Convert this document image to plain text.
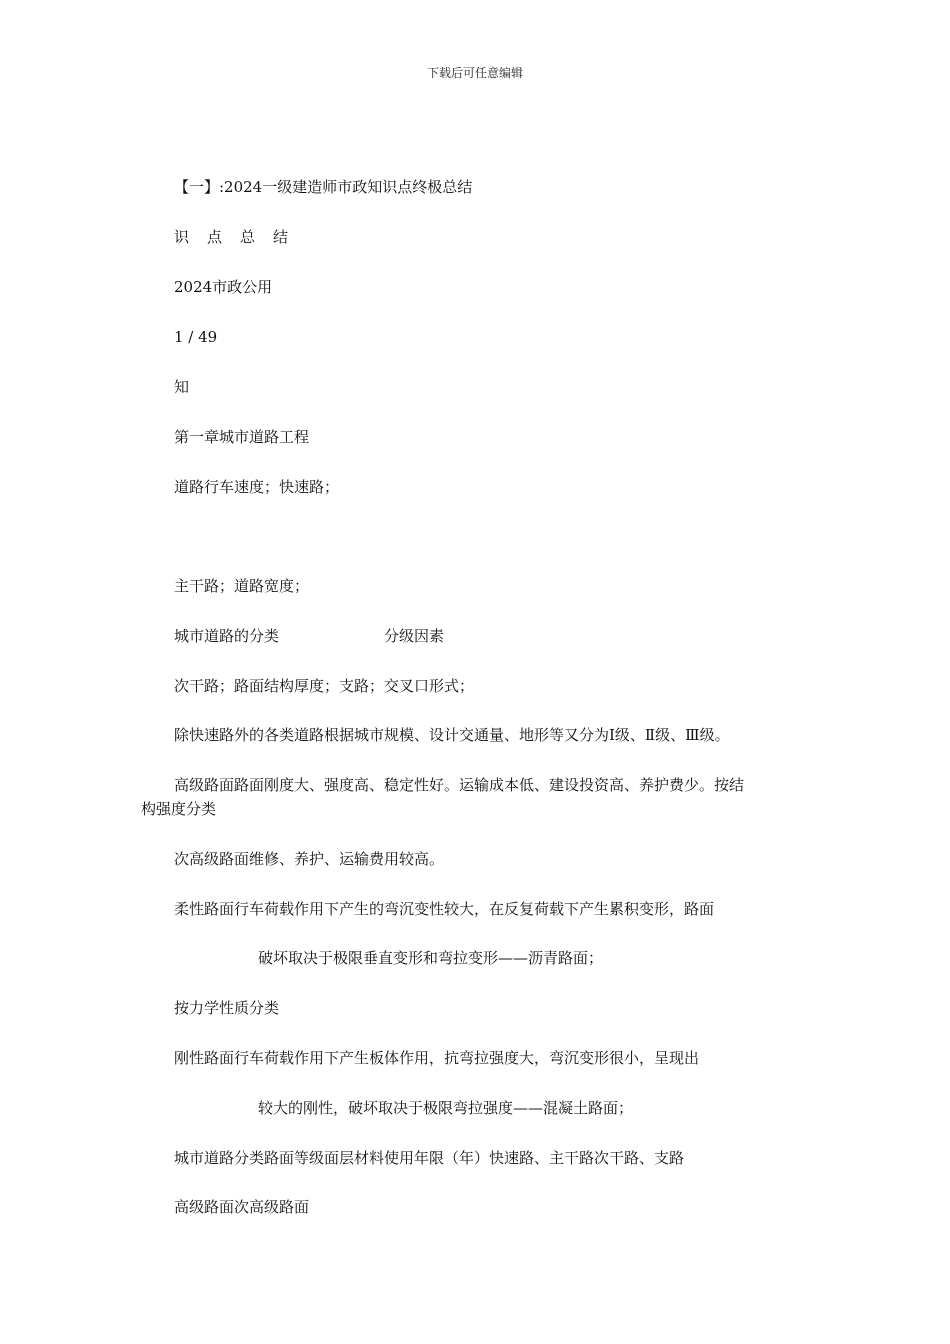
下载后可任意编辑
【一】:2024一级建造师市政知识点终极总结
识点总结
2024市政公用
1 / 49
知
第一章城市道路工程
道路行车速度；快速路；
主干路；道路宽度；
城市道路的分类	分级因素
次干路；路面结构厚度；支路；交叉口形式；
除快速路外的各类道路根据城市规模、设计交通量、地形等又分为Ⅰ级、Ⅱ级、Ⅲ级。
高级路面路面刚度大、强度高、稳定性好。运输成本低、建设投资高、养护费少。按结
构强度分类
次高级路面维修、养护、运输费用较高。
柔性路面行车荷载作用下产生的弯沉变性较大，在反复荷载下产生累积变形，路面
破坏取决于极限垂直变形和弯拉变形——沥青路面；
按力学性质分类
刚性路面行车荷载作用下产生板体作用，抗弯拉强度大，弯沉变形很小，呈现出
较大的刚性，破坏取决于极限弯拉强度——混凝土路面；
城市道路分类路面等级面层材料使用年限（年）快速路、主干路次干路、支路
高级路面次高级路面
